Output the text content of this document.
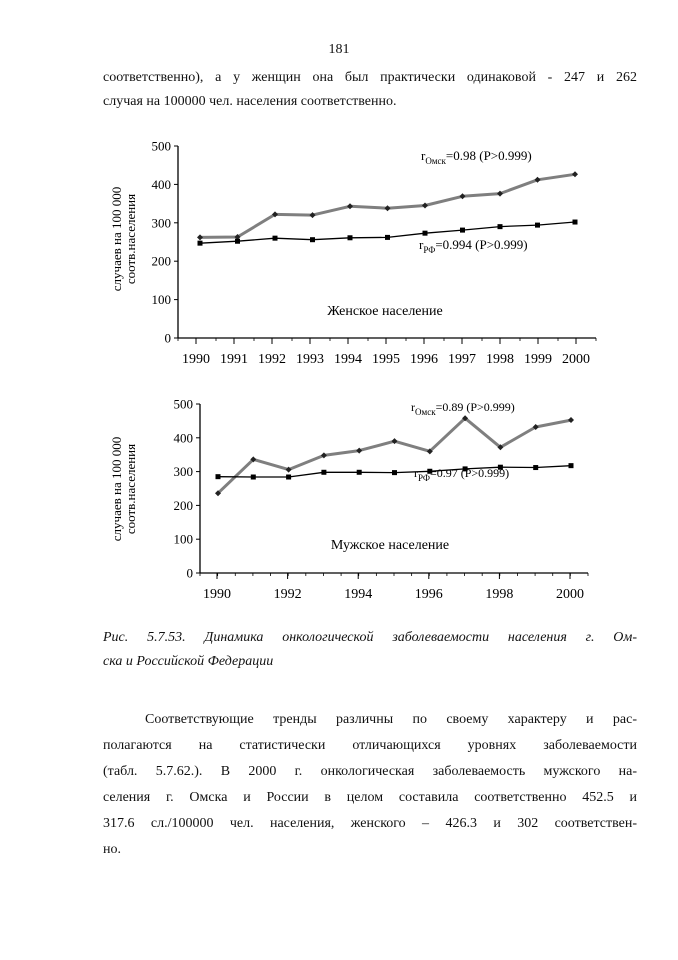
181
соответственно), а у женщин она был практически одинаковой - 247 и 262
случая на 100000 чел. населения соответственно.
случаев на 100 000 соотв.населения
0
100
200
300
400
500
1990 1991 1992 1993 1994 1995 1996 1997 1998 1999 2000
Женское население
$r_{Омск}=0.98$ (P>0.999)
$r_{РФ}=0.994$ (P>0.999)
случаев на 100 000 соотв.населения
0
100
200
300
400
500
1990	1992	1994	1996	1998	2000
Мужское население
$r_{Омск}=0.89$ (P>0.999)
$r_{РФ}=0.97$ (P>0.999)
Рис. 5.7.53. Динамика онкологической заболеваемости населения г. Ом-
ска и Российской Федерации
Соответствующие тренды различны по своему характеру и рас-
полагаются на статистически отличающихся уровнях заболеваемости
(табл. 5.7.62.). В 2000 г. онкологическая заболеваемость мужского на-
селения г. Омска и России в целом составила соответственно 452.5 и
317.6 сл./100000 чел. населения, женского – 426.3 и 302 соответствен-
но.
